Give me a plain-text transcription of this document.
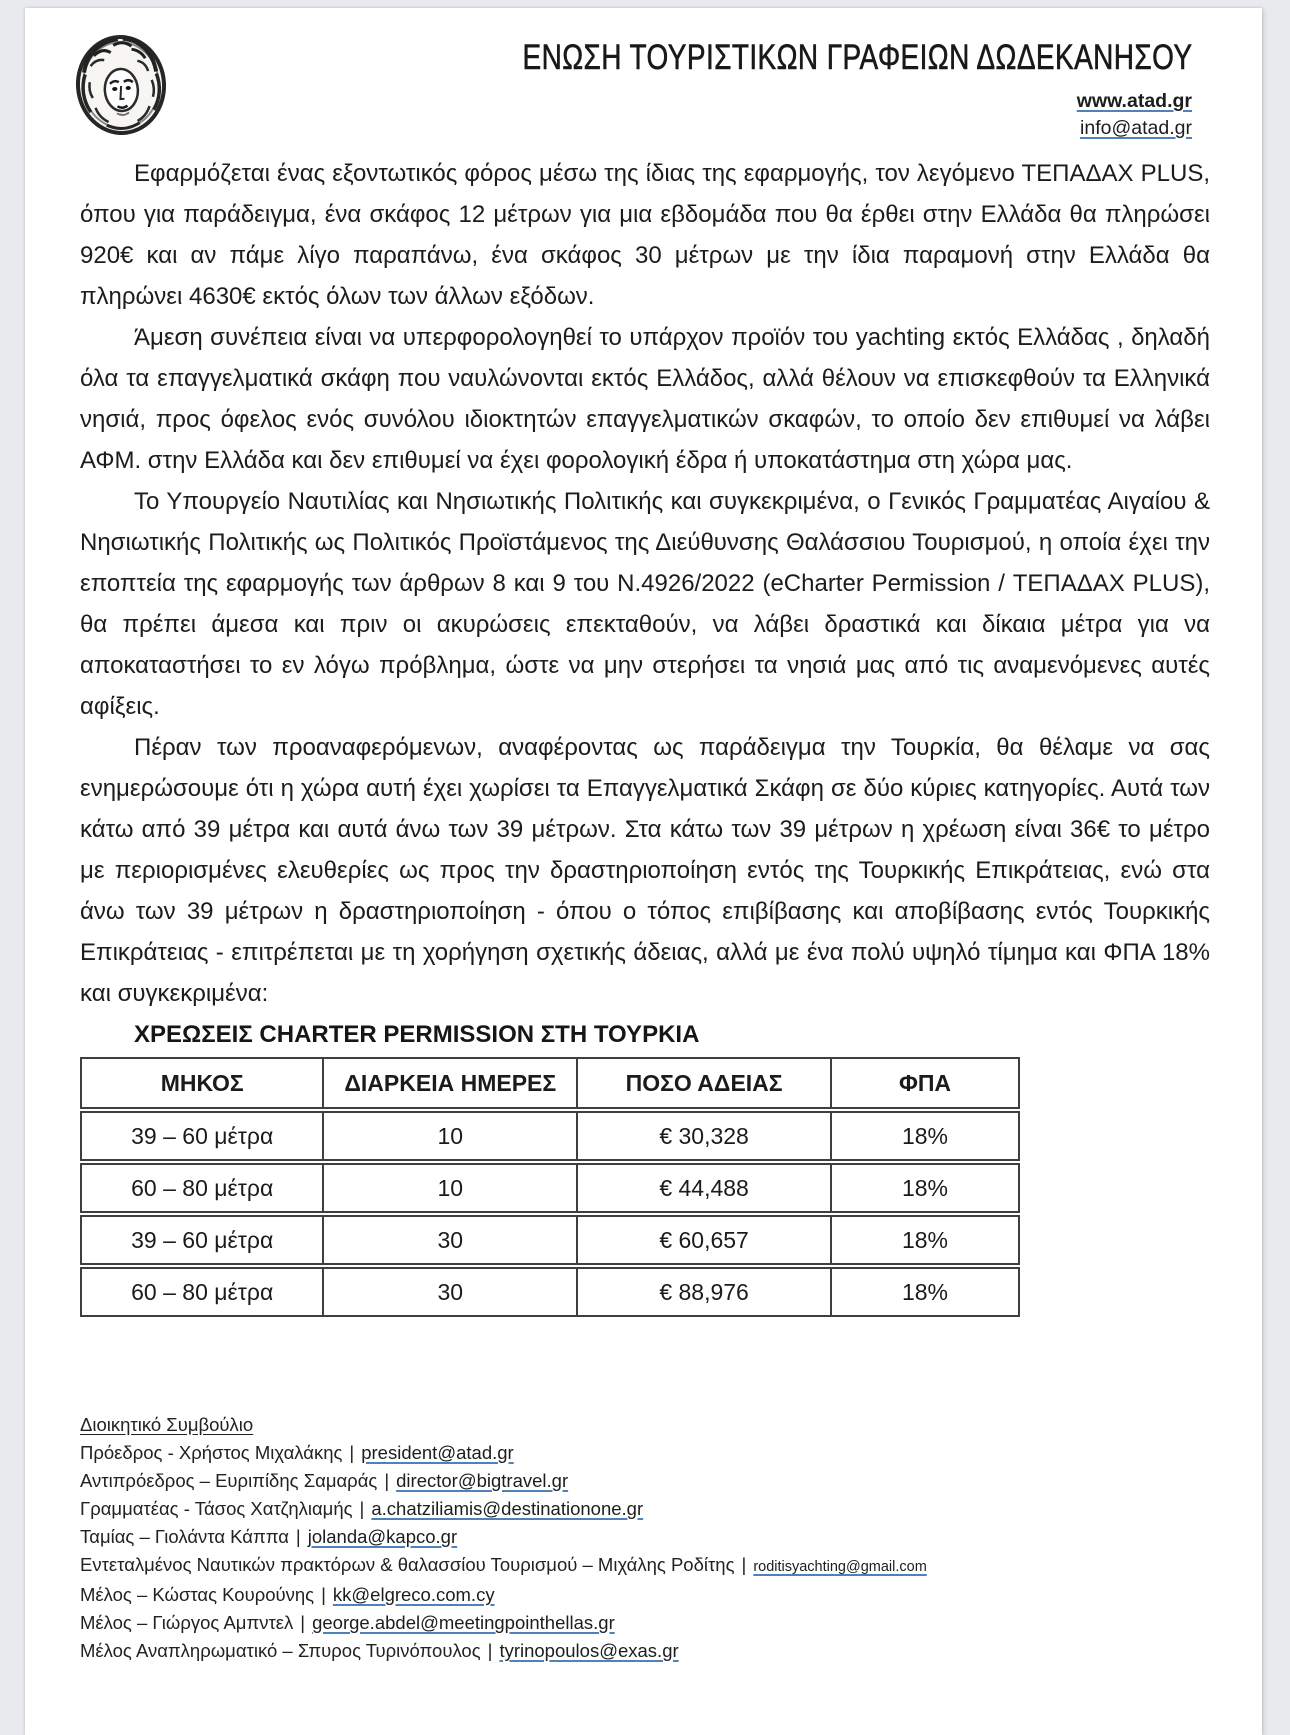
ΕΝΩΣΗ ΤΟΥΡΙΣΤΙΚΩΝ ΓΡΑΦΕΙΩΝ ΔΩΔΕΚΑΝΗΣΟΥ
www.atad.gr
info@atad.gr

Εφαρμόζεται ένας εξοντωτικός φόρος μέσω της ίδιας της εφαρμογής, τον λεγόμενο ΤΕΠΑΔΑΧ PLUS, όπου για παράδειγμα, ένα σκάφος 12 μέτρων για μια εβδομάδα που θα έρθει στην Ελλάδα θα πληρώσει 920€ και αν πάμε λίγο παραπάνω, ένα σκάφος 30 μέτρων με την ίδια παραμονή στην Ελλάδα θα πληρώνει 4630€ εκτός όλων των άλλων εξόδων.

Άμεση συνέπεια είναι να υπερφορολογηθεί το υπάρχον προϊόν του yachting εκτός Ελλάδας , δηλαδή όλα τα επαγγελματικά σκάφη που ναυλώνονται εκτός Ελλάδος, αλλά θέλουν να επισκεφθούν τα Ελληνικά νησιά, προς όφελος ενός συνόλου ιδιοκτητών επαγγελματικών σκαφών, το οποίο δεν επιθυμεί να λάβει ΑΦΜ. στην Ελλάδα και δεν επιθυμεί να έχει φορολογική έδρα ή υποκατάστημα στη χώρα μας.

Το Υπουργείο Ναυτιλίας και Νησιωτικής Πολιτικής και συγκεκριμένα, ο Γενικός Γραμματέας Αιγαίου & Νησιωτικής Πολιτικής ως Πολιτικός Προϊστάμενος της Διεύθυνσης Θαλάσσιου Τουρισμού, η οποία έχει την εποπτεία της εφαρμογής των άρθρων 8 και 9 του Ν.4926/2022 (eCharter Permission / ΤΕΠΑΔΑΧ PLUS), θα πρέπει άμεσα και πριν οι ακυρώσεις επεκταθούν, να λάβει δραστικά και δίκαια μέτρα για να αποκαταστήσει το εν λόγω πρόβλημα, ώστε να μην στερήσει τα νησιά μας από τις αναμενόμενες αυτές αφίξεις.

Πέραν των προαναφερόμενων, αναφέροντας ως παράδειγμα την Τουρκία, θα θέλαμε να σας ενημερώσουμε ότι η χώρα αυτή έχει χωρίσει τα Επαγγελματικά Σκάφη σε δύο κύριες κατηγορίες. Αυτά των κάτω από 39 μέτρα και αυτά άνω των 39 μέτρων. Στα κάτω των 39 μέτρων η χρέωση είναι 36€ το μέτρο με περιορισμένες ελευθερίες ως προς την δραστηριοποίηση εντός της Τουρκικής Επικράτειας, ενώ στα άνω των 39 μέτρων η δραστηριοποίηση - όπου ο τόπος επιβίβασης και αποβίβασης εντός Τουρκικής Επικράτειας - επιτρέπεται με τη χορήγηση σχετικής άδειας, αλλά με ένα πολύ υψηλό τίμημα και ΦΠΑ 18% και συγκεκριμένα:

ΧΡΕΩΣΕΙΣ CHARTER PERMISSION ΣΤΗ ΤΟΥΡΚΙΑ

ΜΗΚΟΣ	ΔΙΑΡΚΕΙΑ ΗΜΕΡΕΣ	ΠΟΣΟ ΑΔΕΙΑΣ	ΦΠΑ
39 – 60 μέτρα	10	€ 30,328	18%
60 – 80 μέτρα	10	€ 44,488	18%
39 – 60 μέτρα	30	€ 60,657	18%
60 – 80 μέτρα	30	€ 88,976	18%
Διοικητικό Συμβούλιο
Πρόεδρος - Χρήστος Μιχαλάκης | president@atad.gr
Αντιπρόεδρος – Ευριπίδης Σαμαράς | director@bigtravel.gr
Γραμματέας - Τάσος Χατζηλιαμής | a.chatziliamis@destinationone.gr
Ταμίας – Γιολάντα Κάππα | jolanda@kapco.gr
Εντεταλμένος Ναυτικών πρακτόρων & θαλασσίου Τουρισμού – Μιχάλης Ροδίτης | roditisyachting@gmail.com
Μέλος – Κώστας Κουρούνης | kk@elgreco.com.cy
Μέλος – Γιώργος Αμπντελ | george.abdel@meetingpointhellas.gr
Μέλος Αναπληρωματικό – Σπυρος Τυρινόπουλος | tyrinopoulos@exas.gr
